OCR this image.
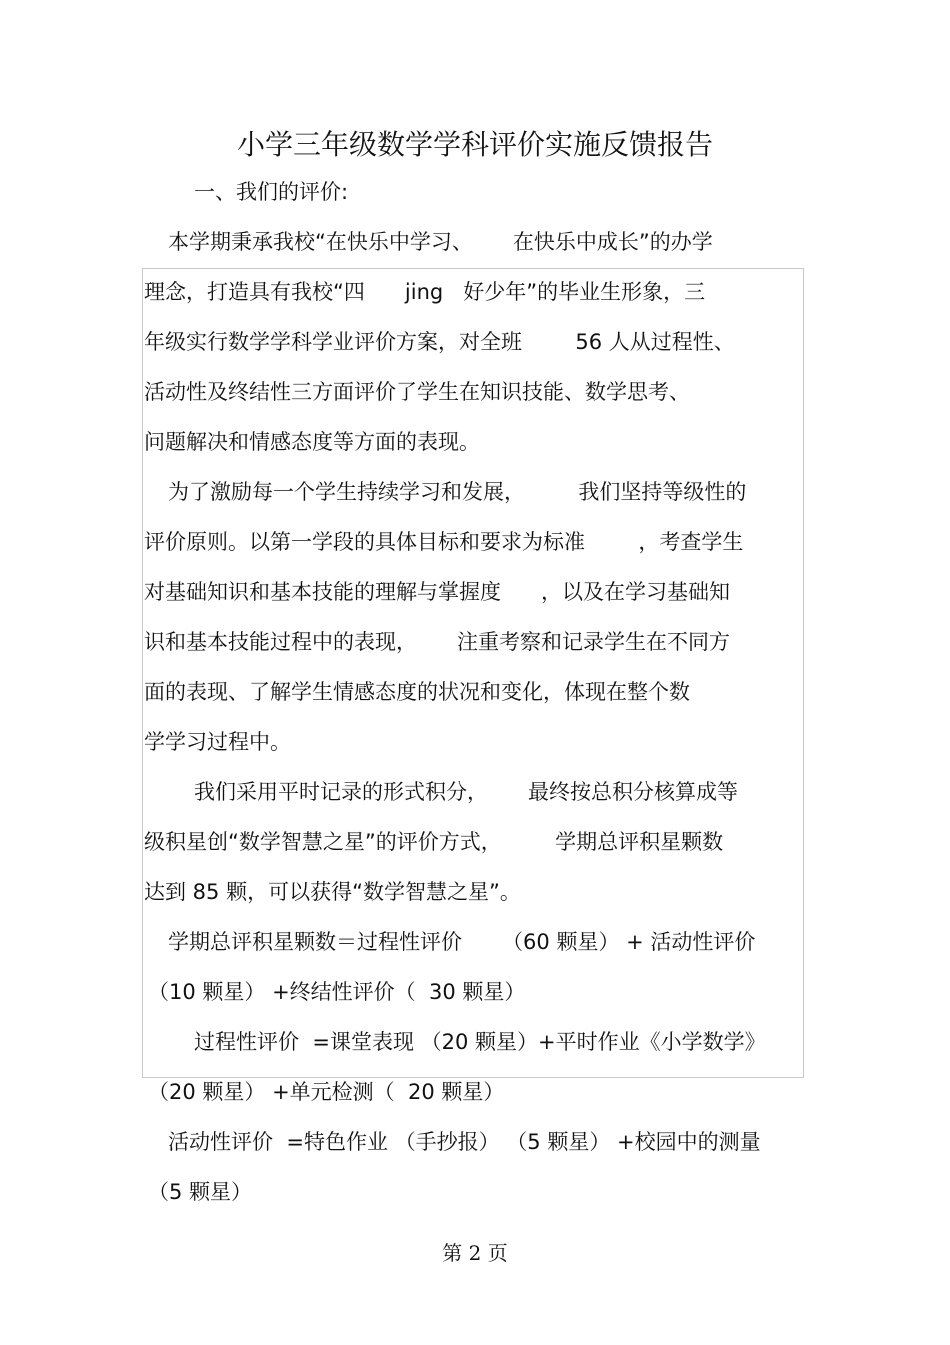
小学三年级数学学科评价实施反馈报告
一、我们的评价:
本学期秉承我校“在快乐中学习、      在快乐中成长”的办学
理念，打造具有我校“四      jing   好少年”的毕业生形象，三
年级实行数学学科学业评价方案，对全班        56 人从过程性、
活动性及终结性三方面评价了学生在知识技能、数学思考、
问题解决和情感态度等方面的表现。
为了激励每一个学生持续学习和发展，        我们坚持等级性的
评价原则。以第一学段的具体目标和要求为标准        ，考查学生
对基础知识和基本技能的理解与掌握度      ，以及在学习基础知
识和基本技能过程中的表现，      注重考察和记录学生在不同方
面的表现、了解学生情感态度的状况和变化，体现在整个数
学学习过程中。
我们采用平时记录的形式积分，      最终按总积分核算成等
级积星创“数学智慧之星”的评价方式，        学期总评积星颗数
达到 85 颗，可以获得“数学智慧之星”。
学期总评积星颗数＝过程性评价      （60 颗星） + 活动性评价
（10 颗星） +终结性评价（  30 颗星）
过程性评价  =课堂表现 （20 颗星）+平时作业《小学数学》
（20 颗星） +单元检测（  20 颗星）
活动性评价  =特色作业 （手抄报） （5 颗星） +校园中的测量
（5 颗星）
第 2 页
